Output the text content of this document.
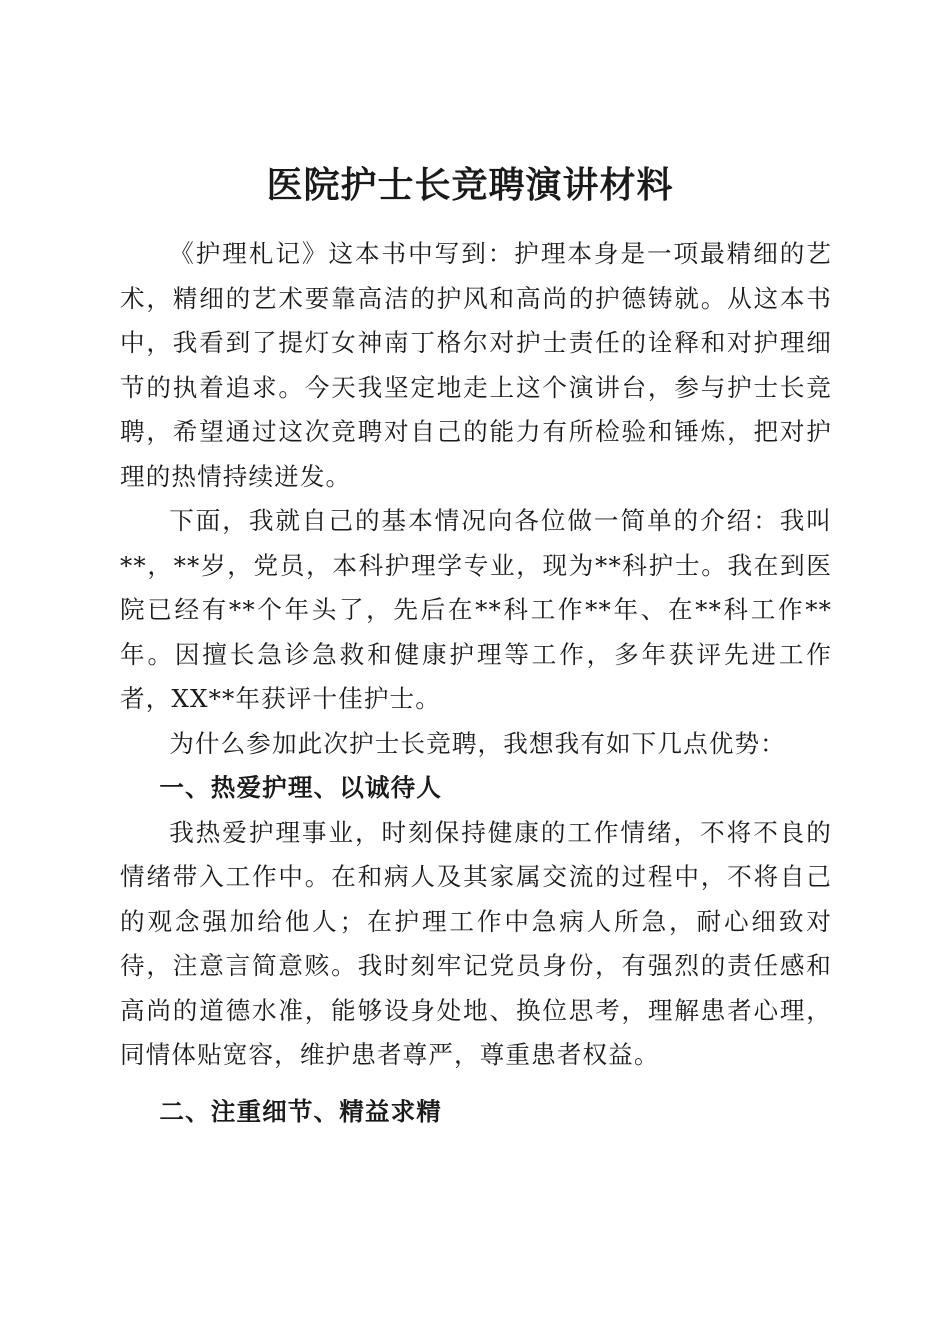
医院护士长竞聘演讲材料

《护理札记》这本书中写到：护理本身是一项最精细的艺术，精细的艺术要靠高洁的护风和高尚的护德铸就。从这本书中，我看到了提灯女神南丁格尔对护士责任的诠释和对护理细节的执着追求。今天我坚定地走上这个演讲台，参与护士长竞聘，希望通过这次竞聘对自己的能力有所检验和锤炼，把对护理的热情持续迸发。

下面，我就自己的基本情况向各位做一简单的介绍：我叫**，**岁，党员，本科护理学专业，现为**科护士。我在到医院已经有**个年头了，先后在**科工作**年、在**科工作**年。因擅长急诊急救和健康护理等工作，多年获评先进工作者，XX**年获评十佳护士。

为什么参加此次护士长竞聘，我想我有如下几点优势：

一、热爱护理、以诚待人

我热爱护理事业，时刻保持健康的工作情绪，不将不良的情绪带入工作中。在和病人及其家属交流的过程中，不将自己的观念强加给他人；在护理工作中急病人所急，耐心细致对待，注意言简意赅。我时刻牢记党员身份，有强烈的责任感和高尚的道德水准，能够设身处地、换位思考，理解患者心理，同情体贴宽容，维护患者尊严，尊重患者权益。

二、注重细节、精益求精
